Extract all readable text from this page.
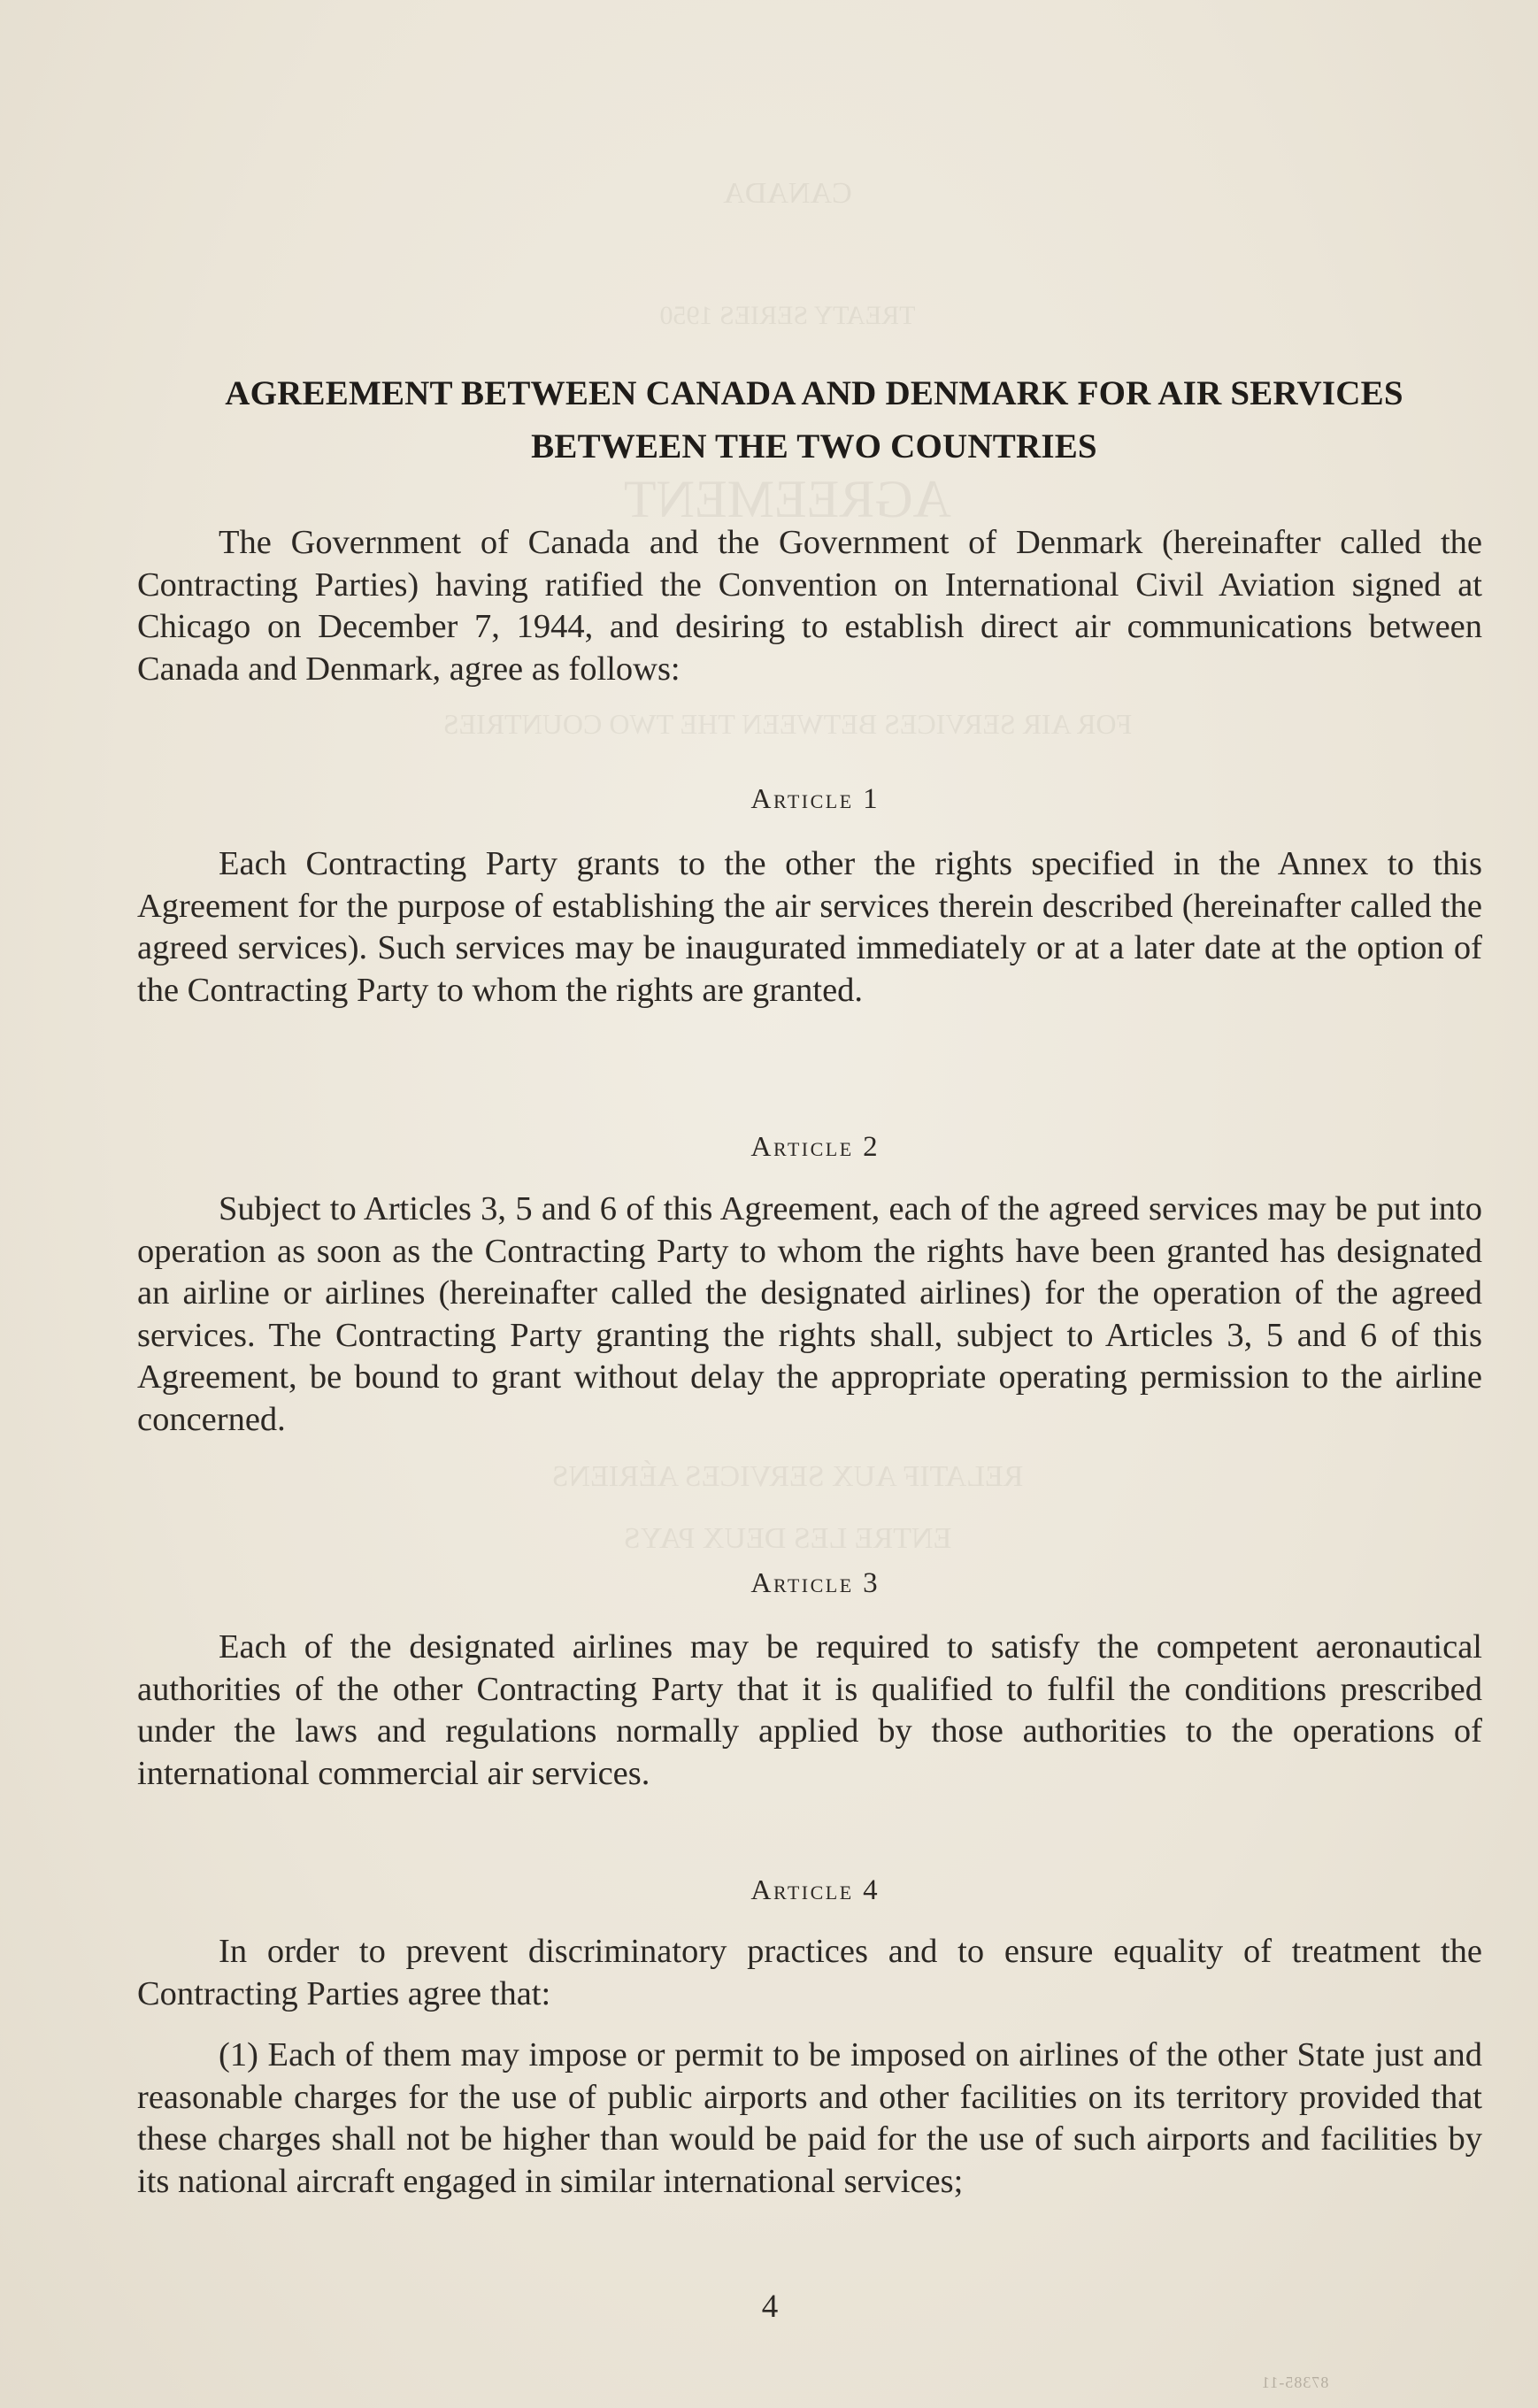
CANADA
TREATY SERIES 1950
AGREEMENT
FOR AIR SERVICES BETWEEN THE TWO COUNTRIES
RELATIF AUX SERVICES AÉRIENS
ENTRE LES DEUX PAYS
AGREEMENT BETWEEN CANADA AND DENMARK FOR AIR SERVICES
BETWEEN THE TWO COUNTRIES
The Government of Canada and the Government of Denmark (hereinafter called the Contracting Parties) having ratified the Convention on International Civil Aviation signed at Chicago on December 7, 1944, and desiring to establish direct air communications between Canada and Denmark, agree as follows:
Article 1
Each Contracting Party grants to the other the rights specified in the Annex to this Agreement for the purpose of establishing the air services therein described (hereinafter called the agreed services). Such services may be inaugurated immediately or at a later date at the option of the Contracting Party to whom the rights are granted.
Article 2
Subject to Articles 3, 5 and 6 of this Agreement, each of the agreed services may be put into operation as soon as the Contracting Party to whom the rights have been granted has designated an airline or airlines (hereinafter called the designated airlines) for the operation of the agreed services. The Contracting Party granting the rights shall, subject to Articles 3, 5 and 6 of this Agreement, be bound to grant without delay the appropriate operating permission to the airline concerned.
Article 3
Each of the designated airlines may be required to satisfy the competent aeronautical authorities of the other Contracting Party that it is qualified to fulfil the conditions prescribed under the laws and regulations normally applied by those authorities to the operations of international commercial air services.
Article 4
In order to prevent discriminatory practices and to ensure equality of treatment the Contracting Parties agree that:
(1) Each of them may impose or permit to be imposed on airlines of the other State just and reasonable charges for the use of public airports and other facilities on its territory provided that these charges shall not be higher than would be paid for the use of such airports and facilities by its national aircraft engaged in similar international services;
4
87385-11
